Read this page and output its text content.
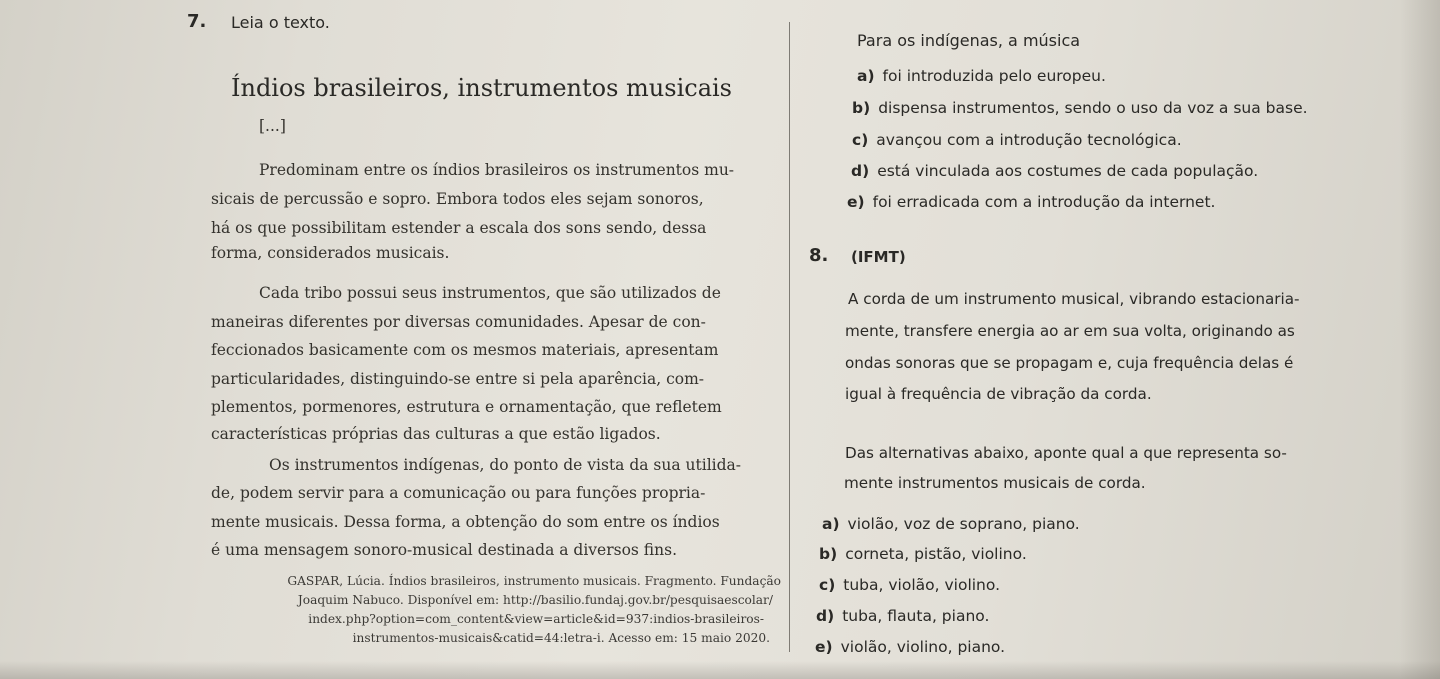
7. Leia o texto.
Índios brasileiros, instrumentos musicais
[...]
Predominam entre os índios brasileiros os instrumentos mu-
sicais de percussão e sopro. Embora todos eles sejam sonoros,
há os que possibilitam estender a escala dos sons sendo, dessa
forma, considerados musicais.
Cada tribo possui seus instrumentos, que são utilizados de
maneiras diferentes por diversas comunidades. Apesar de con-
feccionados basicamente com os mesmos materiais, apresentam
particularidades, distinguindo-se entre si pela aparência, com-
plementos, pormenores, estrutura e ornamentação, que refletem
características próprias das culturas a que estão ligados.
Os instrumentos indígenas, do ponto de vista da sua utilida-
de, podem servir para a comunicação ou para funções propria-
mente musicais. Dessa forma, a obtenção do som entre os índios
é uma mensagem sonoro-musical destinada a diversos fins.
GASPAR, Lúcia. Índios brasileiros, instrumento musicais. Fragmento. Fundação
Joaquim Nabuco. Disponível em: http://basilio.fundaj.gov.br/pesquisaescolar/
index.php?option=com_content&view=article&id=937:indios-brasileiros-
instrumentos-musicais&catid=44:letra-i. Acesso em: 15 maio 2020.
Para os indígenas, a música
a) foi introduzida pelo europeu.
b) dispensa instrumentos, sendo o uso da voz a sua base.
c) avançou com a introdução tecnológica.
d) está vinculada aos costumes de cada população.
e) foi erradicada com a introdução da internet.
8. (IFMT)
A corda de um instrumento musical, vibrando estacionaria-
mente, transfere energia ao ar em sua volta, originando as
ondas sonoras que se propagam e, cuja frequência delas é
igual à frequência de vibração da corda.
Das alternativas abaixo, aponte qual a que representa so-
mente instrumentos musicais de corda.
a) violão, voz de soprano, piano.
b) corneta, pistão, violino.
c) tuba, violão, violino.
d) tuba, flauta, piano.
e) violão, violino, piano.
